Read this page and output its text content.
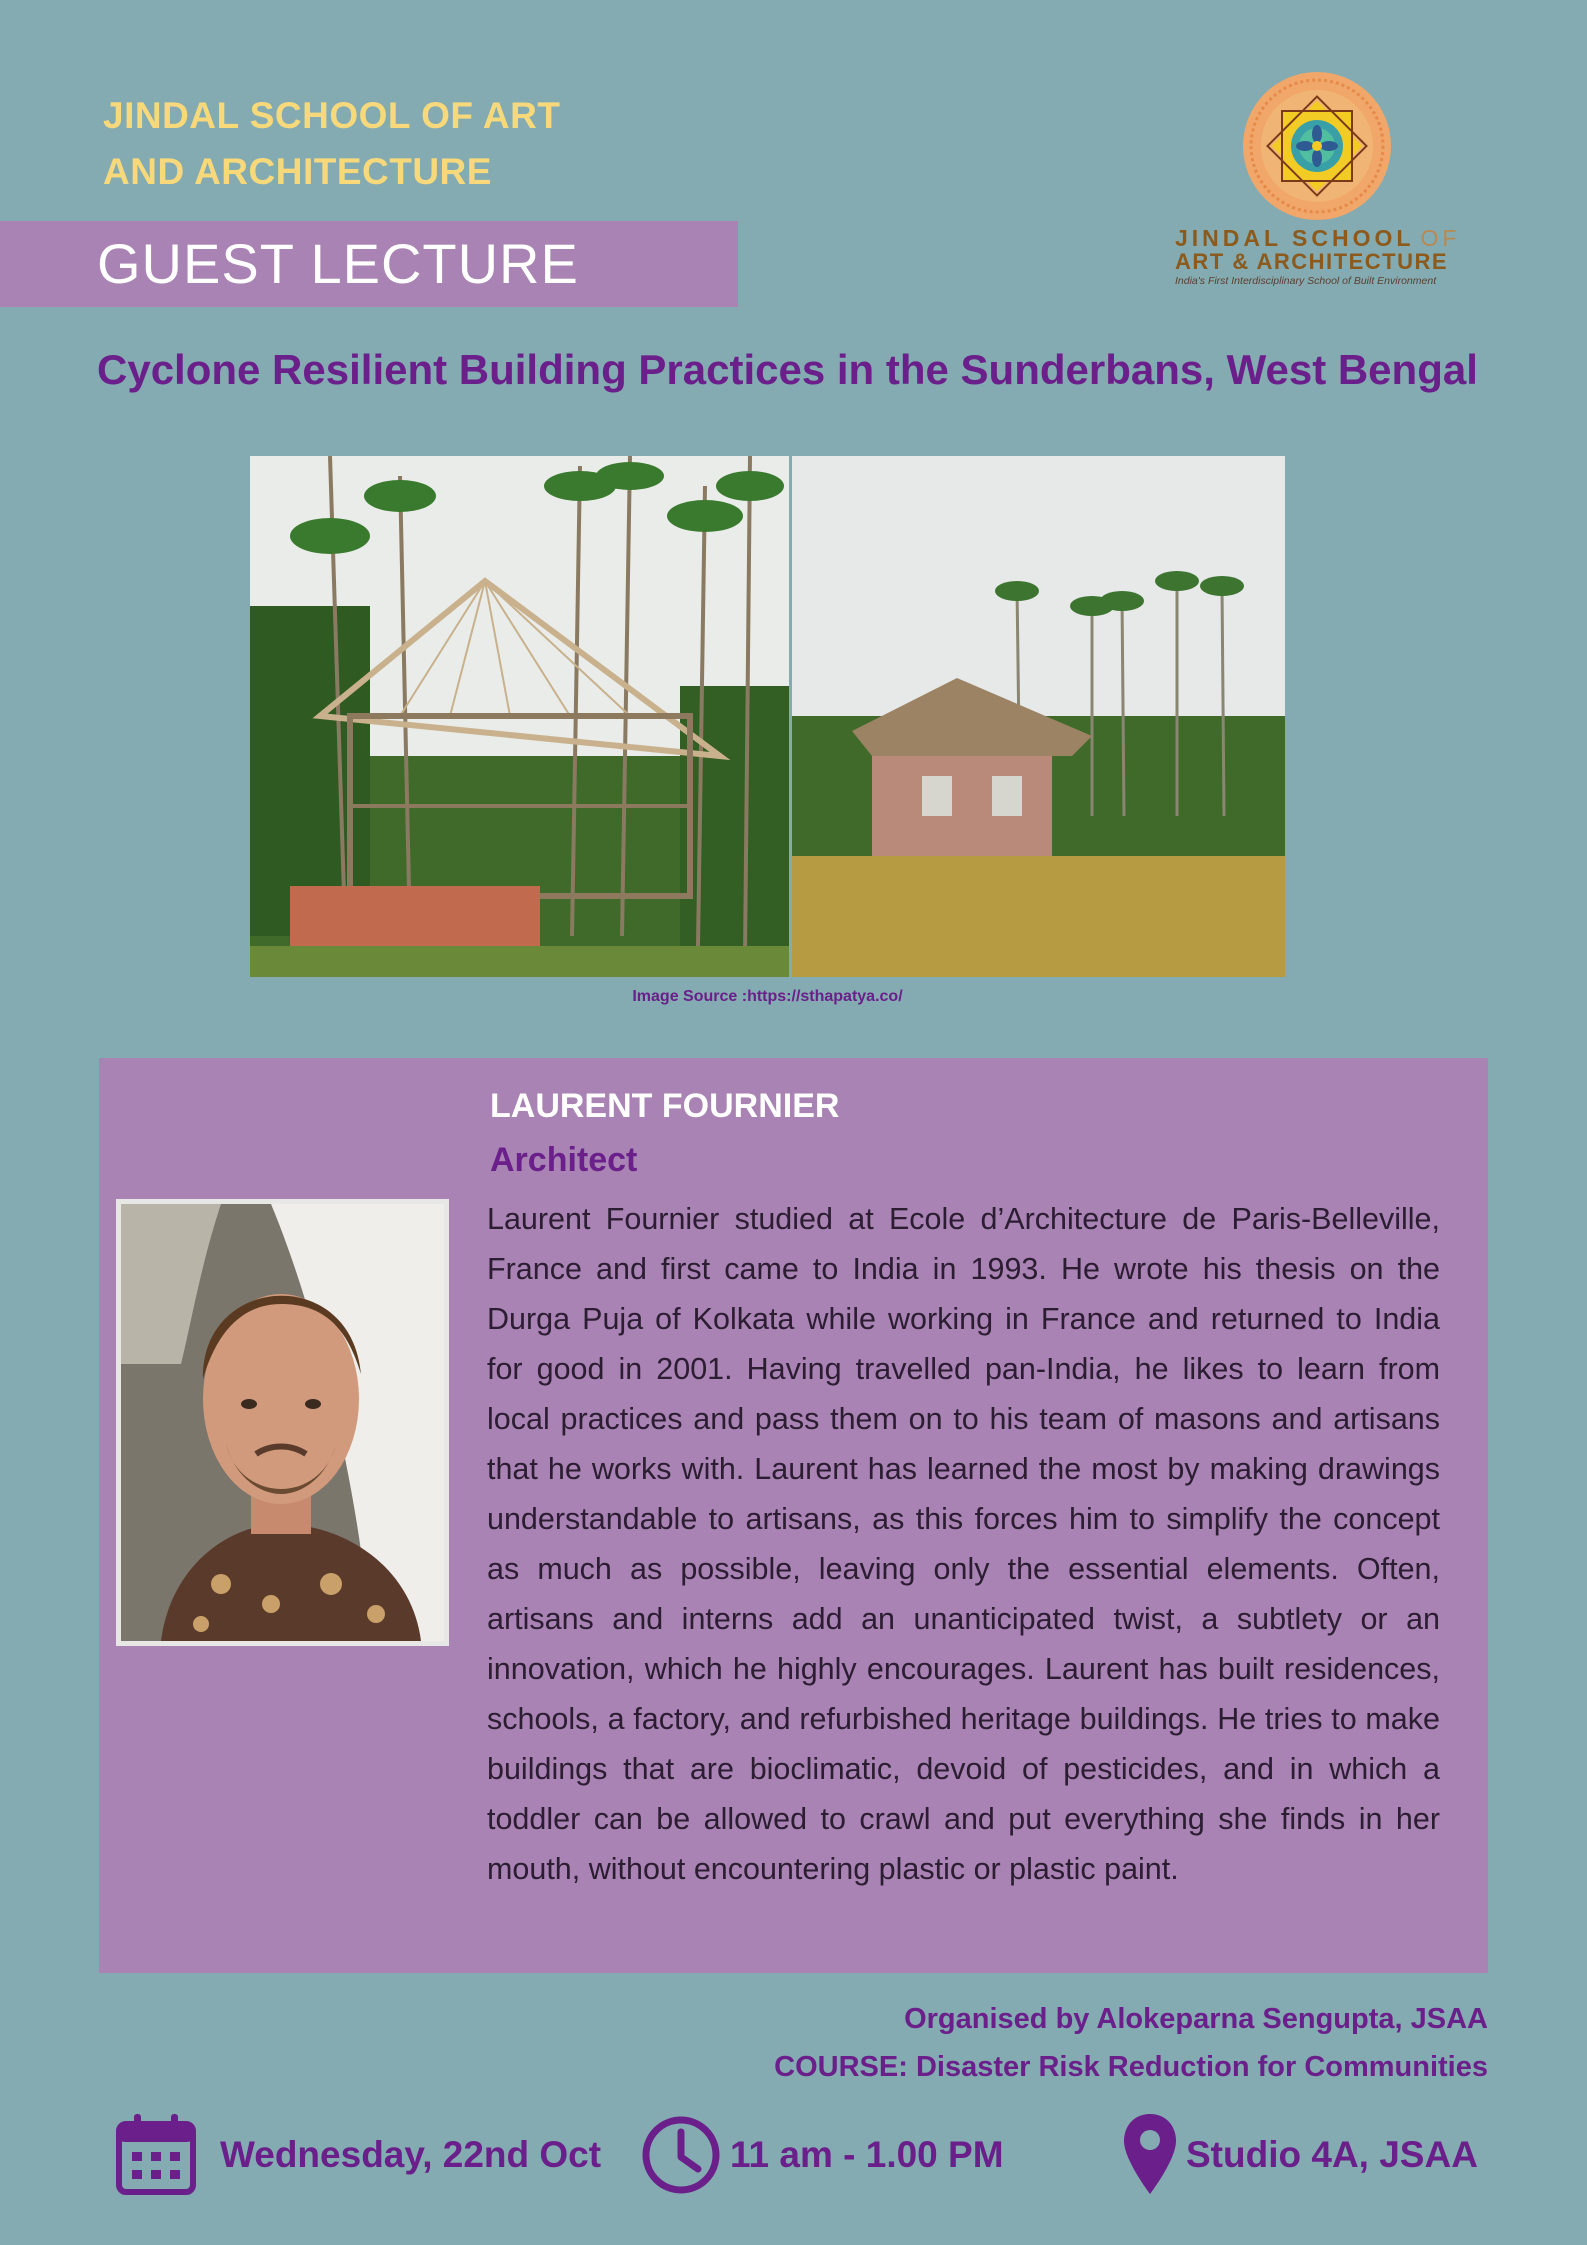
JINDAL SCHOOL OF ART
AND ARCHITECTURE
GUEST LECTURE	JINDAL SCHOOL OF
ART & ARCHITECTURE
India's First Interdisciplinary School of Built Environment
Cyclone Resilient Building Practices in the Sunderbans, West Bengal
Image Source :https://sthapatya.co/
LAURENT FOURNIER
Architect

Laurent Fournier studied at Ecole d’Architecture de Paris-Belleville, France and first came to India in 1993. He wrote his thesis on the Durga Puja of Kolkata while working in France and returned to India for good in 2001. Having travelled pan-India, he likes to learn from local practices and pass them on to his team of masons and artisans that he works with. Laurent has learned the most by making drawings understandable to artisans, as this forces him to simplify the concept as much as possible, leaving only the essential elements. Often, artisans and interns add an unanticipated twist, a subtlety or an innovation, which he highly encourages. Laurent has built residences, schools, a factory, and refurbished heritage buildings. He tries to make buildings that are bioclimatic, devoid of pesticides, and in which a toddler can be allowed to crawl and put everything she finds in her mouth, without encountering plastic or plastic paint.

Organised by Alokeparna Sengupta, JSAA
COURSE: Disaster Risk Reduction for Communities
Wednesday, 22nd Oct	11 am - 1.00 PM	Studio 4A, JSAA
